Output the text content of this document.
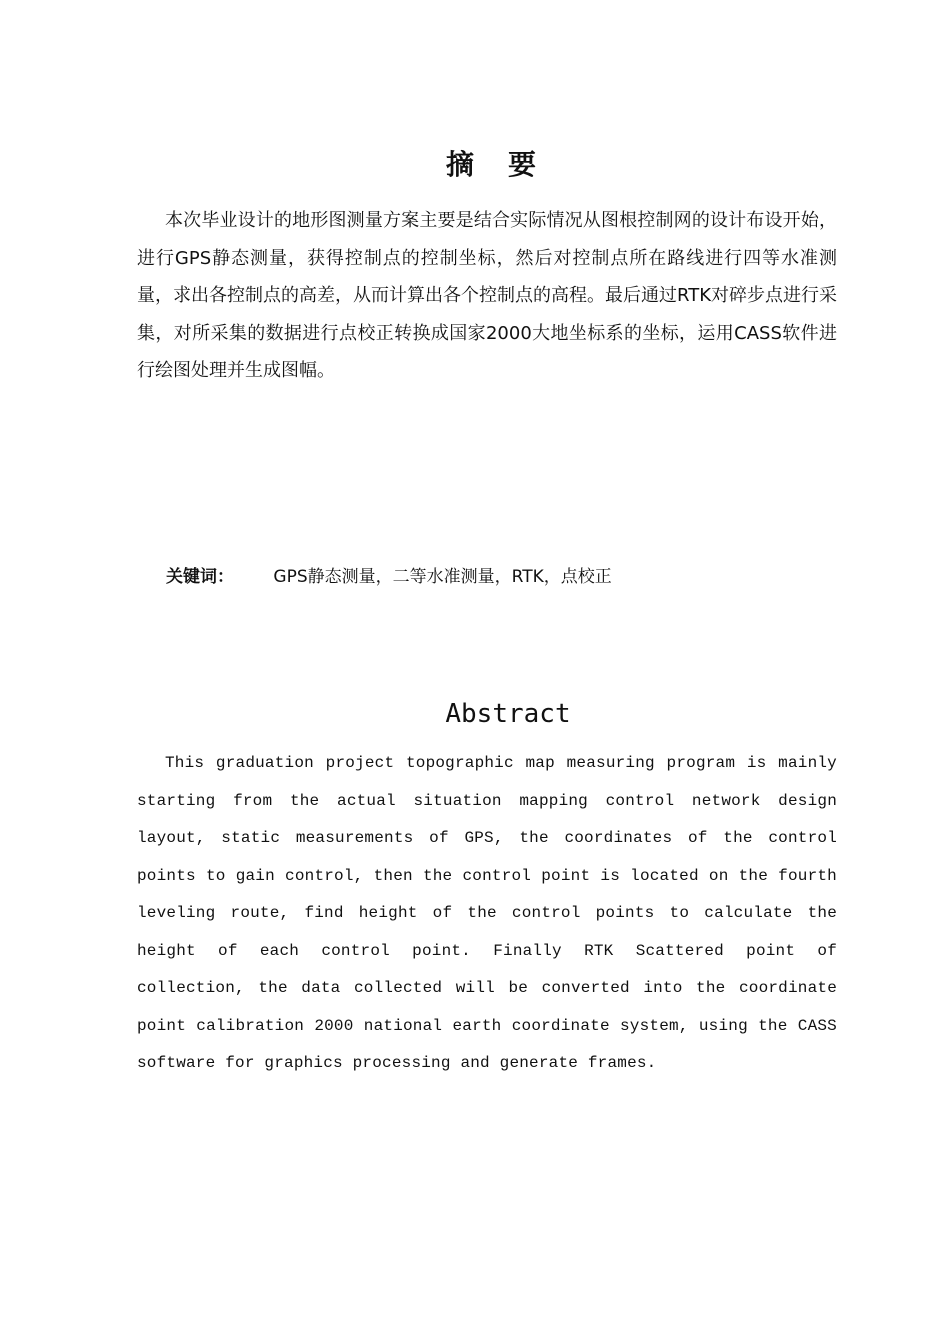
摘要

本次毕业设计的地形图测量方案主要是结合实际情况从图根控制网的设计布设开始，进行GPS静态测量，获得控制点的控制坐标，然后对控制点所在路线进行四等水准测量，求出各控制点的高差，从而计算出各个控制点的高程。最后通过RTK对碎步点进行采集，对所采集的数据进行点校正转换成国家2000大地坐标系的坐标，运用CASS软件进行绘图处理并生成图幅。

关键词： GPS静态测量，二等水准测量，RTK，点校正
Abstract

This graduation project topographic map measuring program is mainly starting from the actual situation mapping control network design layout, static measurements of GPS, the coordinates of the control points to gain control, then the control point is located on the fourth leveling route, find height of the control points to calculate the height of each control point. Finally RTK Scattered point of collection, the data collected will be converted into the coordinate point calibration 2000 national earth coordinate system, using the CASS software for graphics processing and generate frames.
